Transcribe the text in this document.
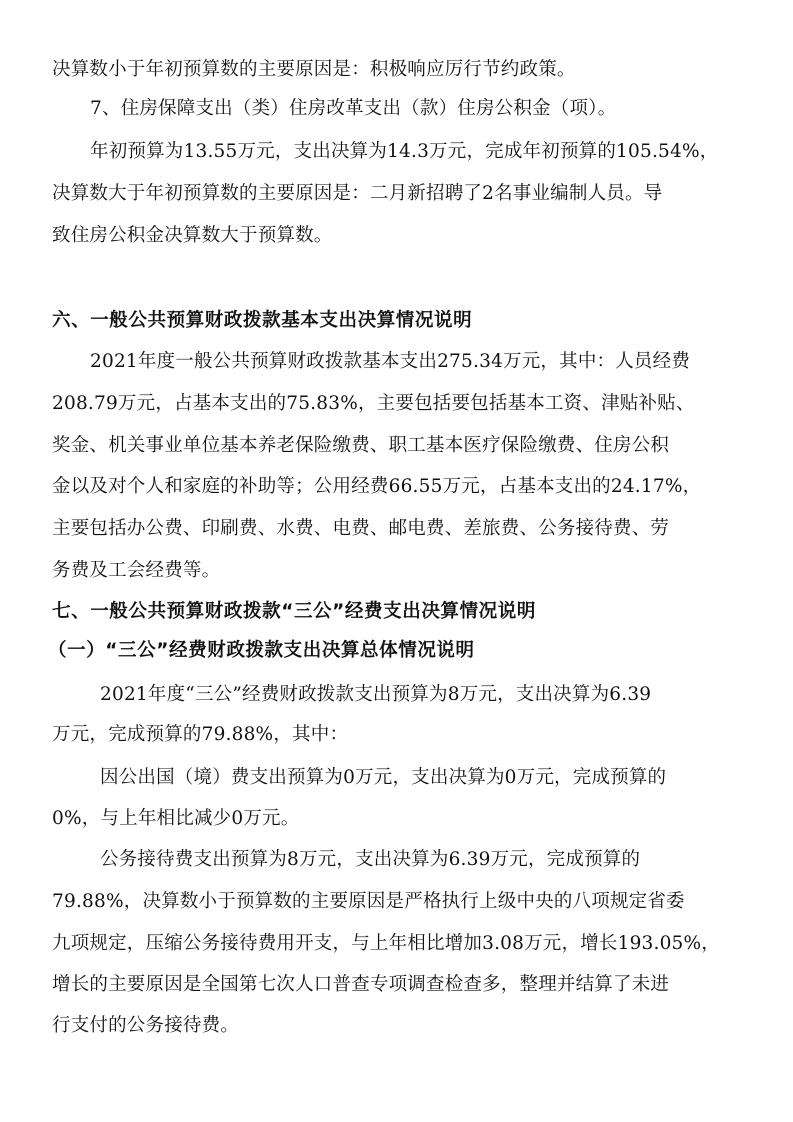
决算数小于年初预算数的主要原因是：积极响应厉行节约政策。
7、住房保障支出（类）住房改革支出（款）住房公积金（项）。
年初预算为13.55万元，支出决算为14.3万元，完成年初预算的105.54%，
决算数大于年初预算数的主要原因是：二月新招聘了2名事业编制人员。导
致住房公积金决算数大于预算数。
六、一般公共预算财政拨款基本支出决算情况说明
2021年度一般公共预算财政拨款基本支出275.34万元，其中：人员经费
208.79万元，占基本支出的75.83%，主要包括要包括基本工资、津贴补贴、
奖金、机关事业单位基本养老保险缴费、职工基本医疗保险缴费、住房公积
金以及对个人和家庭的补助等；公用经费66.55万元，占基本支出的24.17%，
主要包括办公费、印刷费、水费、电费、邮电费、差旅费、公务接待费、劳
务费及工会经费等。
七、一般公共预算财政拨款“三公”经费支出决算情况说明
（一）“三公”经费财政拨款支出决算总体情况说明
2021年度“三公”经费财政拨款支出预算为8万元，支出决算为6.39
万元，完成预算的79.88%，其中：
因公出国（境）费支出预算为0万元，支出决算为0万元，完成预算的
0%，与上年相比减少0万元。
公务接待费支出预算为8万元，支出决算为6.39万元，完成预算的
79.88%，决算数小于预算数的主要原因是严格执行上级中央的八项规定省委
九项规定，压缩公务接待费用开支，与上年相比增加3.08万元，增长193.05%，
增长的主要原因是全国第七次人口普查专项调查检查多，整理并结算了未进
行支付的公务接待费。
